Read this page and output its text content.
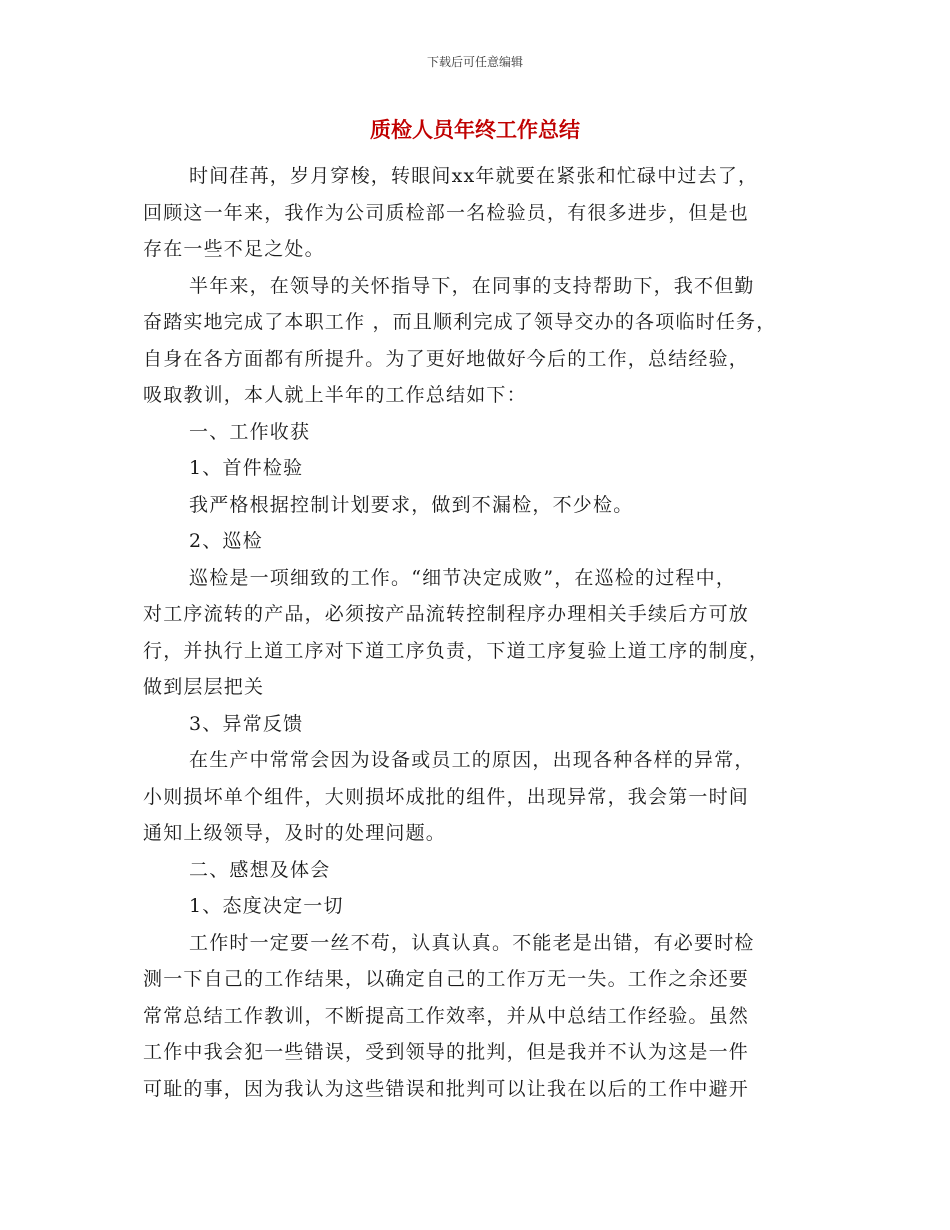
下载后可任意编辑
质检人员年终工作总结
时间荏苒，岁月穿梭，转眼间xx年就要在紧张和忙碌中过去了，
回顾这一年来，我作为公司质检部一名检验员，有很多进步，但是也
存在一些不足之处。
半年来，在领导的关怀指导下，在同事的支持帮助下，我不但勤
奋踏实地完成了本职工作 ，而且顺利完成了领导交办的各项临时任务，
自身在各方面都有所提升。为了更好地做好今后的工作，总结经验，
吸取教训，本人就上半年的工作总结如下：
一、工作收获
1、首件检验
我严格根据控制计划要求，做到不漏检，不少检。
2、巡检
巡检是一项细致的工作。“细节决定成败”，在巡检的过程中，
对工序流转的产品，必须按产品流转控制程序办理相关手续后方可放
行，并执行上道工序对下道工序负责，下道工序复验上道工序的制度，
做到层层把关
3、异常反馈
在生产中常常会因为设备或员工的原因，出现各种各样的异常，
小则损坏单个组件，大则损坏成批的组件，出现异常，我会第一时间
通知上级领导，及时的处理问题。
二、感想及体会
1、态度决定一切
工作时一定要一丝不苟，认真认真。不能老是出错，有必要时检
测一下自己的工作结果，以确定自己的工作万无一失。工作之余还要
常常总结工作教训，不断提高工作效率，并从中总结工作经验。虽然
工作中我会犯一些错误，受到领导的批判，但是我并不认为这是一件
可耻的事，因为我认为这些错误和批判可以让我在以后的工作中避开
